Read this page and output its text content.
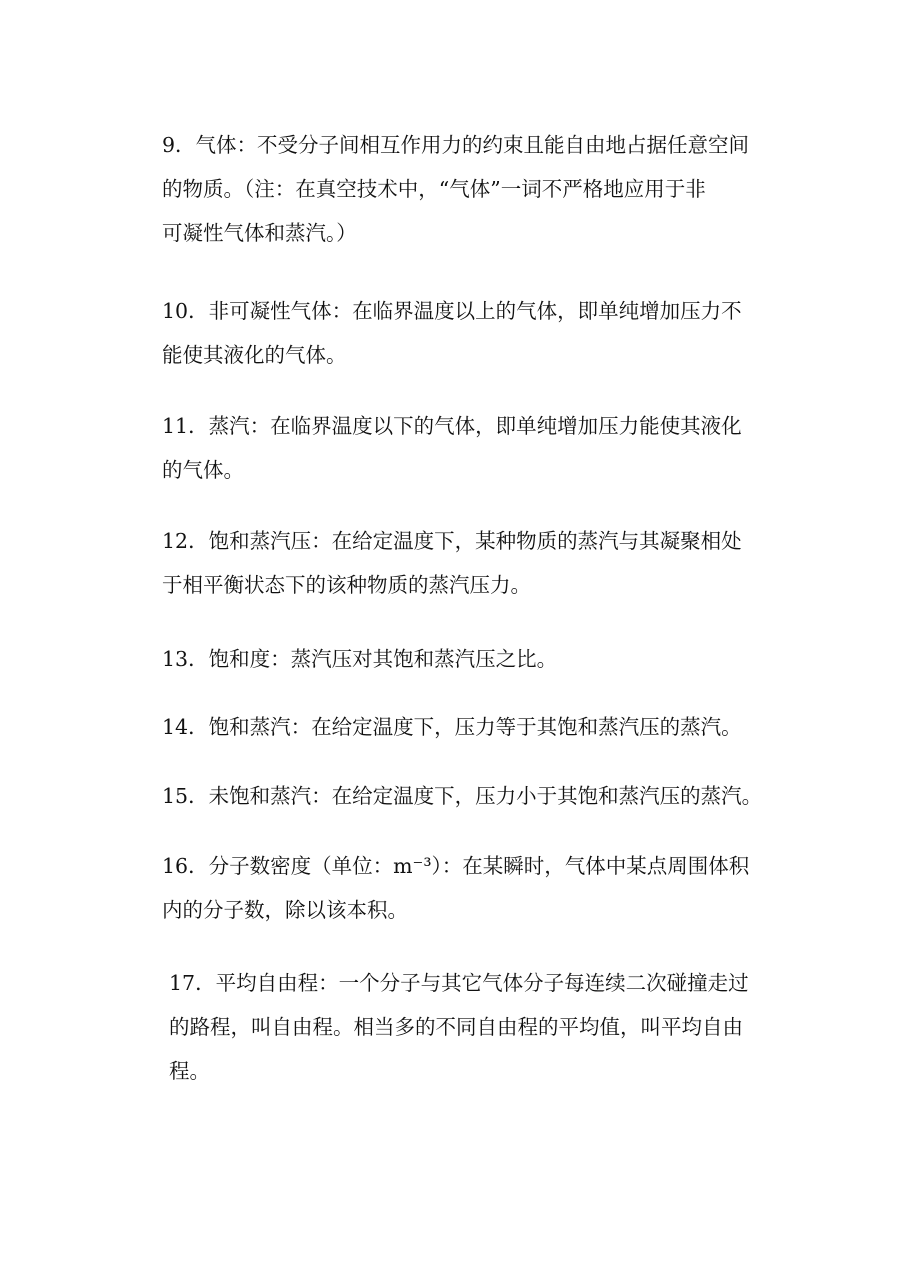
9．气体：不受分子间相互作用力的约束且能自由地占据任意空间
的物质。（注：在真空技术中，“气体”一词不严格地应用于非
可凝性气体和蒸汽。）
10．非可凝性气体：在临界温度以上的气体，即单纯增加压力不
能使其液化的气体。
11．蒸汽：在临界温度以下的气体，即单纯增加压力能使其液化
的气体。
12．饱和蒸汽压：在给定温度下，某种物质的蒸汽与其凝聚相处
于相平衡状态下的该种物质的蒸汽压力。
13．饱和度：蒸汽压对其饱和蒸汽压之比。
14．饱和蒸汽：在给定温度下，压力等于其饱和蒸汽压的蒸汽。
15．未饱和蒸汽：在给定温度下，压力小于其饱和蒸汽压的蒸汽。
16．分子数密度（单位：m⁻³）：在某瞬时，气体中某点周围体积
内的分子数，除以该本积。
17．平均自由程：一个分子与其它气体分子每连续二次碰撞走过
的路程，叫自由程。相当多的不同自由程的平均值，叫平均自由
程。
